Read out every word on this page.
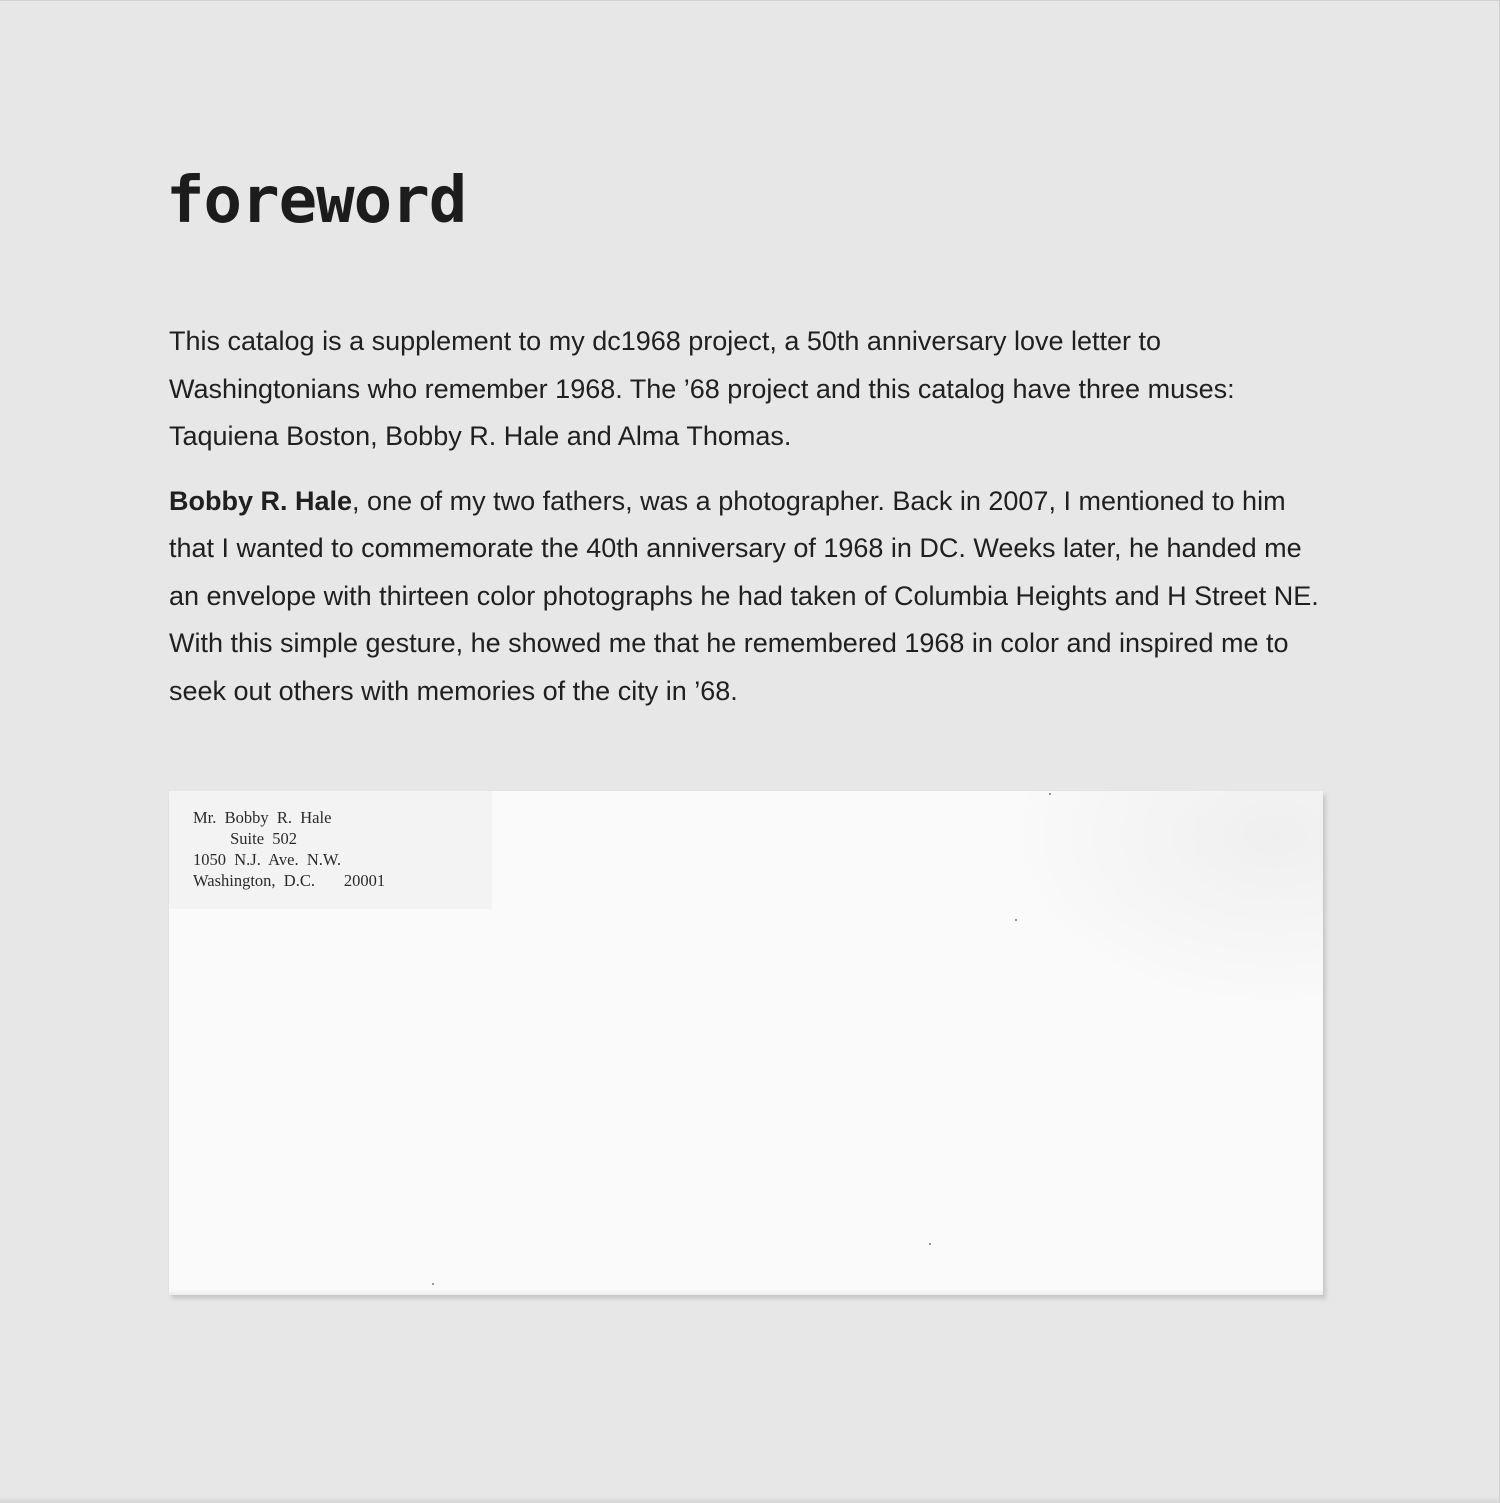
foreword

This catalog is a supplement to my dc1968 project, a 50th anniversary love letter to Washingtonians who remember 1968. The ’68 project and this catalog have three muses: Taquiena Boston, Bobby R. Hale and Alma Thomas.

Bobby R. Hale, one of my two fathers, was a photographer. Back in 2007, I mentioned to him that I wanted to commemorate the 40th anniversary of 1968 in DC. Weeks later, he handed me an envelope with thirteen color photographs he had taken of Columbia Heights and H Street NE. With this simple gesture, he showed me that he remembered 1968 in color and inspired me to seek out others with memories of the city in ’68.

Mr.  Bobby  R.  Hale
Suite  502
1050  N.J.  Ave.  N.W.
Washington,  D.C.       20001
